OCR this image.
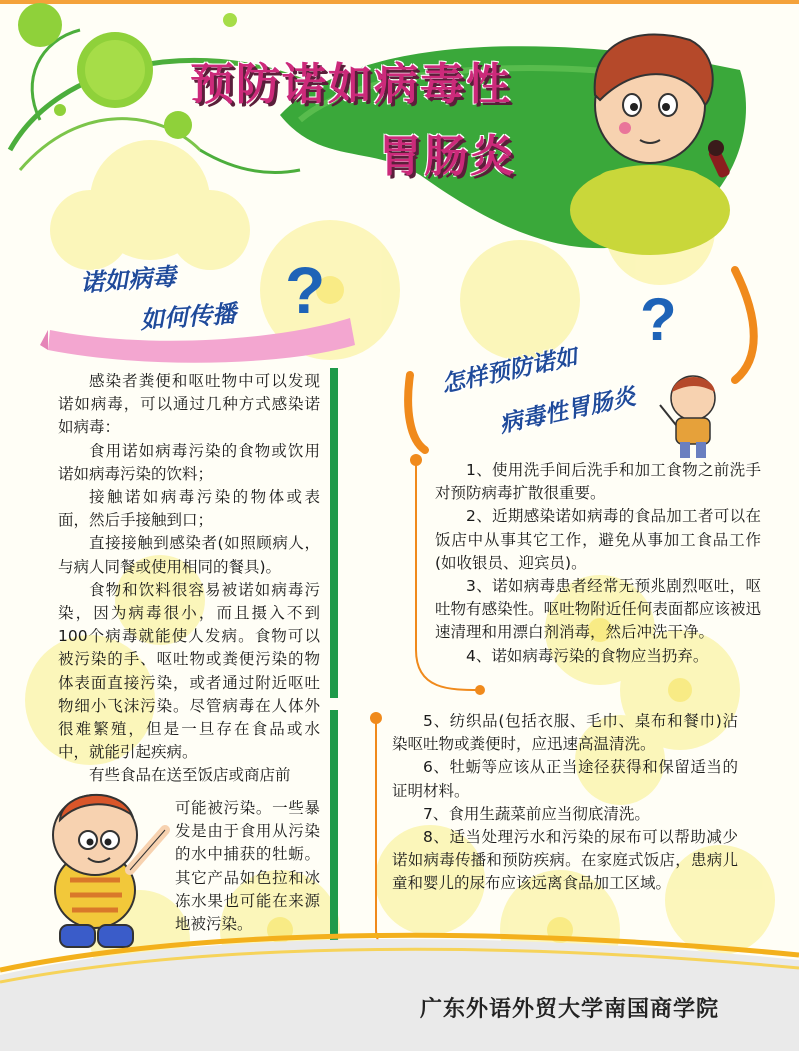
预防诺如病毒性
胃肠炎
诺如病毒
如何传播 ?
怎样预防诺如
病毒性胃肠炎
?

感染者粪便和呕吐物中可以发现诺如病毒，可以通过几种方式感染诺如病毒：

食用诺如病毒污染的食物或饮用诺如病毒污染的饮料；

接触诺如病毒污染的物体或表面，然后手接触到口；

直接接触到感染者(如照顾病人，与病人同餐或使用相同的餐具)。

食物和饮料很容易被诺如病毒污染，因为病毒很小，而且摄入不到100个病毒就能使人发病。食物可以被污染的手、呕吐物或粪便污染的物体表面直接污染，或者通过附近呕吐物细小飞沫污染。尽管病毒在人体外很难繁殖，但是一旦存在食品或水中，就能引起疾病。

有些食品在送至饭店或商店前

可能被污染。一些暴发是由于食用从污染的水中捕获的牡蛎。其它产品如色拉和冰冻水果也可能在来源地被污染。

1、使用洗手间后洗手和加工食物之前洗手对预防病毒扩散很重要。

2、近期感染诺如病毒的食品加工者可以在饭店中从事其它工作，避免从事加工食品工作(如收银员、迎宾员)。

3、诺如病毒患者经常无预兆剧烈呕吐，呕吐物有感染性。呕吐物附近任何表面都应该被迅速清理和用漂白剂消毒，然后冲洗干净。

4、诺如病毒污染的食物应当扔弃。

5、纺织品(包括衣服、毛巾、桌布和餐巾)沾染呕吐物或粪便时，应迅速高温清洗。

6、牡蛎等应该从正当途径获得和保留适当的证明材料。

7、食用生蔬菜前应当彻底清洗。

8、适当处理污水和污染的尿布可以帮助减少诺如病毒传播和预防疾病。在家庭式饭店，患病儿童和婴儿的尿布应该远离食品加工区域。

广东外语外贸大学南国商学院
